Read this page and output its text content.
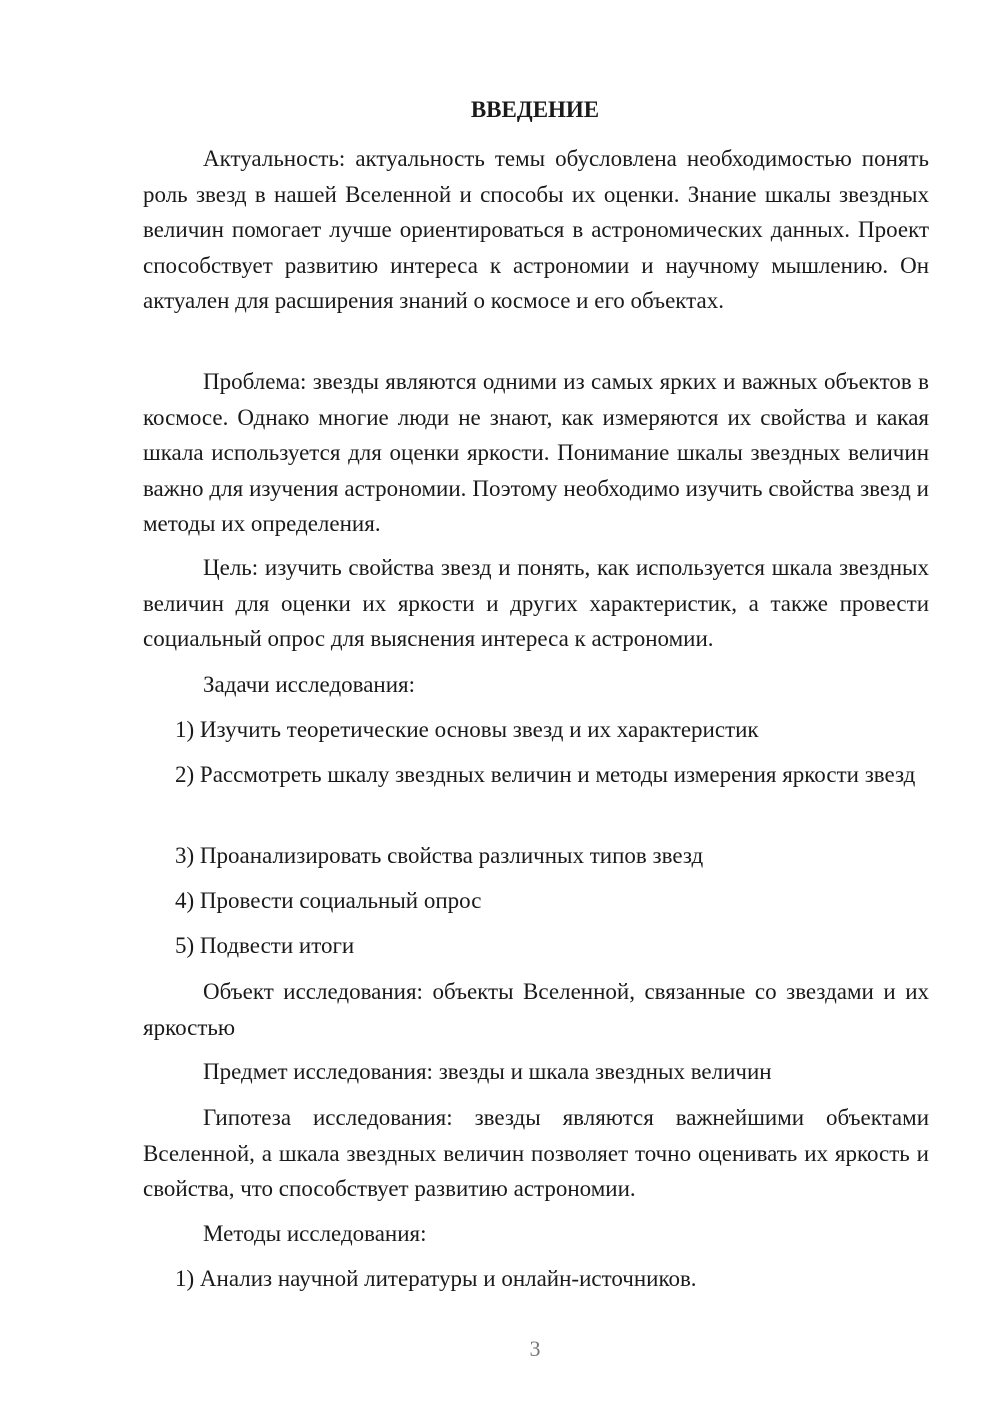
ВВЕДЕНИЕ

Актуальность: актуальность темы обусловлена необходимостью понять роль звезд в нашей Вселенной и способы их оценки. Знание шкалы звездных величин помогает лучше ориентироваться в астрономических данных. Проект способствует развитию интереса к астрономии и научному мышлению. Он актуален для расширения знаний о космосе и его объектах.

Проблема: звезды являются одними из самых ярких и важных объектов в космосе. Однако многие люди не знают, как измеряются их свойства и какая шкала используется для оценки яркости. Понимание шкалы звездных величин важно для изучения астрономии. Поэтому необходимо изучить свойства звезд и методы их определения.

Цель: изучить свойства звезд и понять, как используется шкала звездных величин для оценки их яркости и других характеристик, а также провести социальный опрос для выяснения интереса к астрономии.

Задачи исследования:

1) Изучить теоретические основы звезд и их характеристик

2) Рассмотреть шкалу звездных величин и методы измерения яркости звезд

3) Проанализировать свойства различных типов звезд

4) Провести социальный опрос

5) Подвести итоги

Объект исследования: объекты Вселенной, связанные со звездами и их яркостью

Предмет исследования: звезды и шкала звездных величин

Гипотеза исследования: звезды являются важнейшими объектами Вселенной, а шкала звездных величин позволяет точно оценивать их яркость и свойства, что способствует развитию астрономии.

Методы исследования:

1) Анализ научной литературы и онлайн-источников.

3
